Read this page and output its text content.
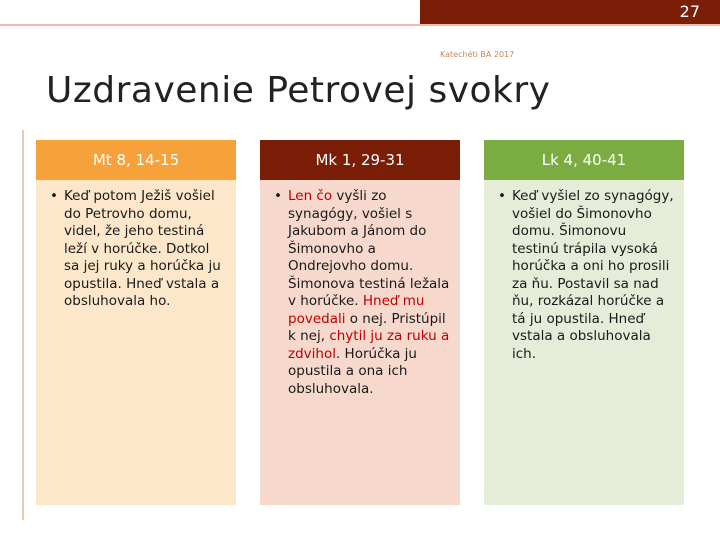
27
Katechéti BA 2017
Uzdravenie Petrovej svokry
Mt 8, 14-15
• Keď potom Ježiš vošiel do Petrovho domu, videl, že jeho testiná leží v horúčke. Dotkol sa jej ruky a horúčka ju opustila. Hneď vstala a obsluhovala ho.
Mk 1, 29-31
• Len čo vyšli zo synagógy, vošiel s Jakubom a Jánom do Šimonovho a Ondrejovho domu. Šimonova testiná ležala v horúčke. Hneď mu povedali o nej. Pristúpil k nej, chytil ju za ruku a zdvihol. Horúčka ju opustila a ona ich obsluhovala.
Lk 4, 40-41
• Keď vyšiel zo synagógy, vošiel do Šimonovho domu. Šimonovu testinú trápila vysoká horúčka a oni ho prosili za ňu. Postavil sa nad ňu, rozkázal horúčke a tá ju opustila. Hneď vstala a obsluhovala ich.
